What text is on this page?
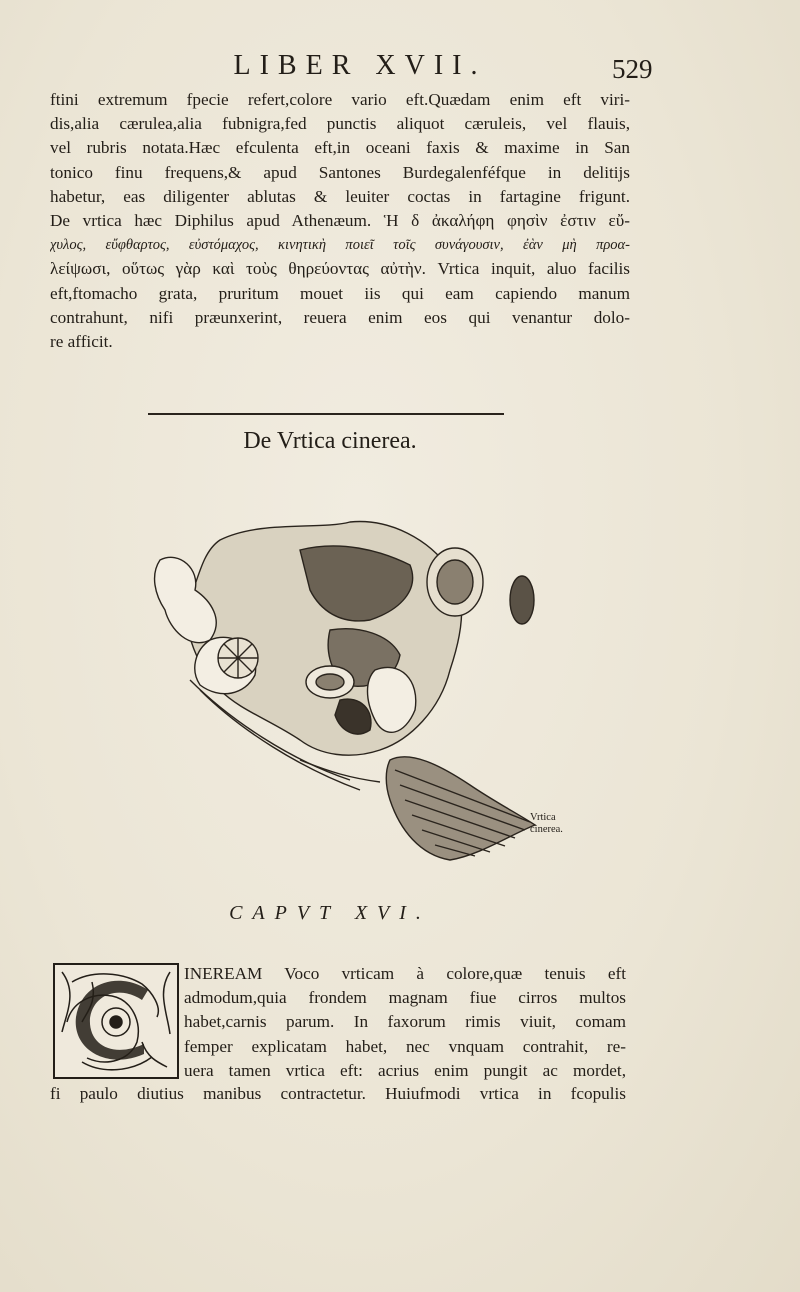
LIBER XVII.	529
ftini extremum fpecie refert,colore vario eft.Quædam enim eft viri-
dis,alia cærulea,alia fubnigra,fed punctis aliquot cæruleis, vel flauis,
vel rubris notata.Hæc efculenta eft,in oceani faxis & maxime in San
tonico finu frequens,& apud Santones Burdegalenféfque in delitijs
habetur, eas diligenter ablutas & leuiter coctas in fartagine frigunt.
De vrtica hæc Diphilus apud Athenæum. Ἡ δ ἀκαλήφη φησὶν ἐστιν εὔ-
χυλος, εὔφθαρτος, εὐστόμαχος, κινητικὴ ποιεῖ τοῖς συνάγουσιν, ἐὰν μὴ προα-
λείψωσι, οὕτως γὰρ καὶ τοὺς θηρεύοντας αὐτὴν. Vrtica inquit, aluo facilis
eft,ftomacho grata, pruritum mouet iis qui eam capiendo manum
contrahunt, nifi præunxerint, reuera enim eos qui venantur dolo-
re afficit.
De Vrtica cinerea.
Vrtica
cinerea.
CAPVT XVI.
INEREAM Voco vrticam à colore,quæ tenuis eft
admodum,quia frondem magnam fiue cirros multos
habet,carnis parum. In faxorum rimis viuit, comam
femper explicatam habet, nec vnquam contrahit, re-
uera tamen vrtica eft: acrius enim pungit ac mordet,
fi paulo diutius manibus contractetur. Huiufmodi vrtica in fcopulis
